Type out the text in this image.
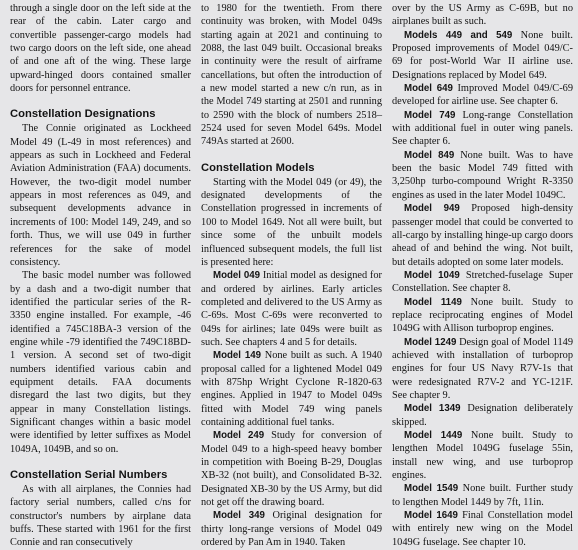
through a single door on the left side at the rear of the cabin. Later cargo and convertible passenger-cargo models had two cargo doors on the left side, one ahead of and one aft of the wing. These large upward-hinged doors contained smaller doors for personnel entrance.

Constellation Designations

The Connie originated as Lockheed Model 49 (L-49 in most references) and appears as such in Lockheed and Federal Aviation Administration (FAA) documents. However, the two-digit model number appears in most references as 049, and subsequent developments advance in increments of 100: Model 149, 249, and so forth. Thus, we will use 049 in further references for the sake of model consistency.

The basic model number was followed by a dash and a two-digit number that identified the particular series of the R-3350 engine installed. For example, -46 identified a 745C18BA-3 version of the engine while -79 identified the 749C18BD-1 version. A second set of two-digit numbers identified various cabin and equipment details. FAA documents disregard the last two digits, but they appear in many Constellation listings. Significant changes within a basic model were identified by letter suffixes as Model 1049A, 1049B, and so on.

Constellation Serial Numbers

As with all airplanes, the Connies had factory serial numbers, called c/ns for constructor's numbers by airplane data buffs. These started with 1961 for the first Connie and ran consecutively

to 1980 for the twentieth. From there continuity was broken, with Model 049s starting again at 2021 and continuing to 2088, the last 049 built. Occasional breaks in continuity were the result of airframe cancellations, but often the introduction of a new model started a new c/n run, as in the Model 749 starting at 2501 and running to 2590 with the block of numbers 2518–2524 used for seven Model 649s. Model 749As started at 2600.

Constellation Models

Starting with the Model 049 (or 49), the designated developments of the Constellation progressed in increments of 100 to Model 1649. Not all were built, but since some of the unbuilt models influenced subsequent models, the full list is presented here:

Model 049 Initial model as designed for and ordered by airlines. Early articles completed and delivered to the US Army as C-69s. Most C-69s were reconverted to 049s for airlines; late 049s were built as such. See chapters 4 and 5 for details.

Model 149 None built as such. A 1940 proposal called for a lightened Model 049 with 875hp Wright Cyclone R-1820-63 engines. Applied in 1947 to Model 049s fitted with Model 749 wing panels containing additional fuel tanks.

Model 249 Study for conversion of Model 049 to a high-speed heavy bomber in competition with Boeing B-29, Douglas XB-32 (not built), and Consolidated B-32. Designated XB-30 by the US Army, but did not get off the drawing board.

Model 349 Original designation for thirty long-range versions of Model 049 ordered by Pan Am in 1940. Taken

over by the US Army as C-69B, but no airplanes built as such.

Models 449 and 549 None built. Proposed improvements of Model 049/C-69 for post-World War II airline use. Designations replaced by Model 649.

Model 649 Improved Model 049/C-69 developed for airline use. See chapter 6.

Model 749 Long-range Constellation with additional fuel in outer wing panels. See chapter 6.

Model 849 None built. Was to have been the basic Model 749 fitted with 3,250hp turbo-compound Wright R-3350 engines as used in the later Model 1049C.

Model 949 Proposed high-density passenger model that could be converted to all-cargo by installing hinge-up cargo doors ahead of and behind the wing. Not built, but details adopted on some later models.

Model 1049 Stretched-fuselage Super Constellation. See chapter 8.

Model 1149 None built. Study to replace reciprocating engines of Model 1049G with Allison turboprop engines.

Model 1249 Design goal of Model 1149 achieved with installation of turboprop engines for four US Navy R7V-1s that were redesignated R7V-2 and YC-121F. See chapter 9.

Model 1349 Designation deliberately skipped.

Model 1449 None built. Study to lengthen Model 1049G fuselage 55in, install new wing, and use turboprop engines.

Model 1549 None built. Further study to lengthen Model 1449 by 7ft, 11in.

Model 1649 Final Constellation model with entirely new wing on the Model 1049G fuselage. See chapter 10.
